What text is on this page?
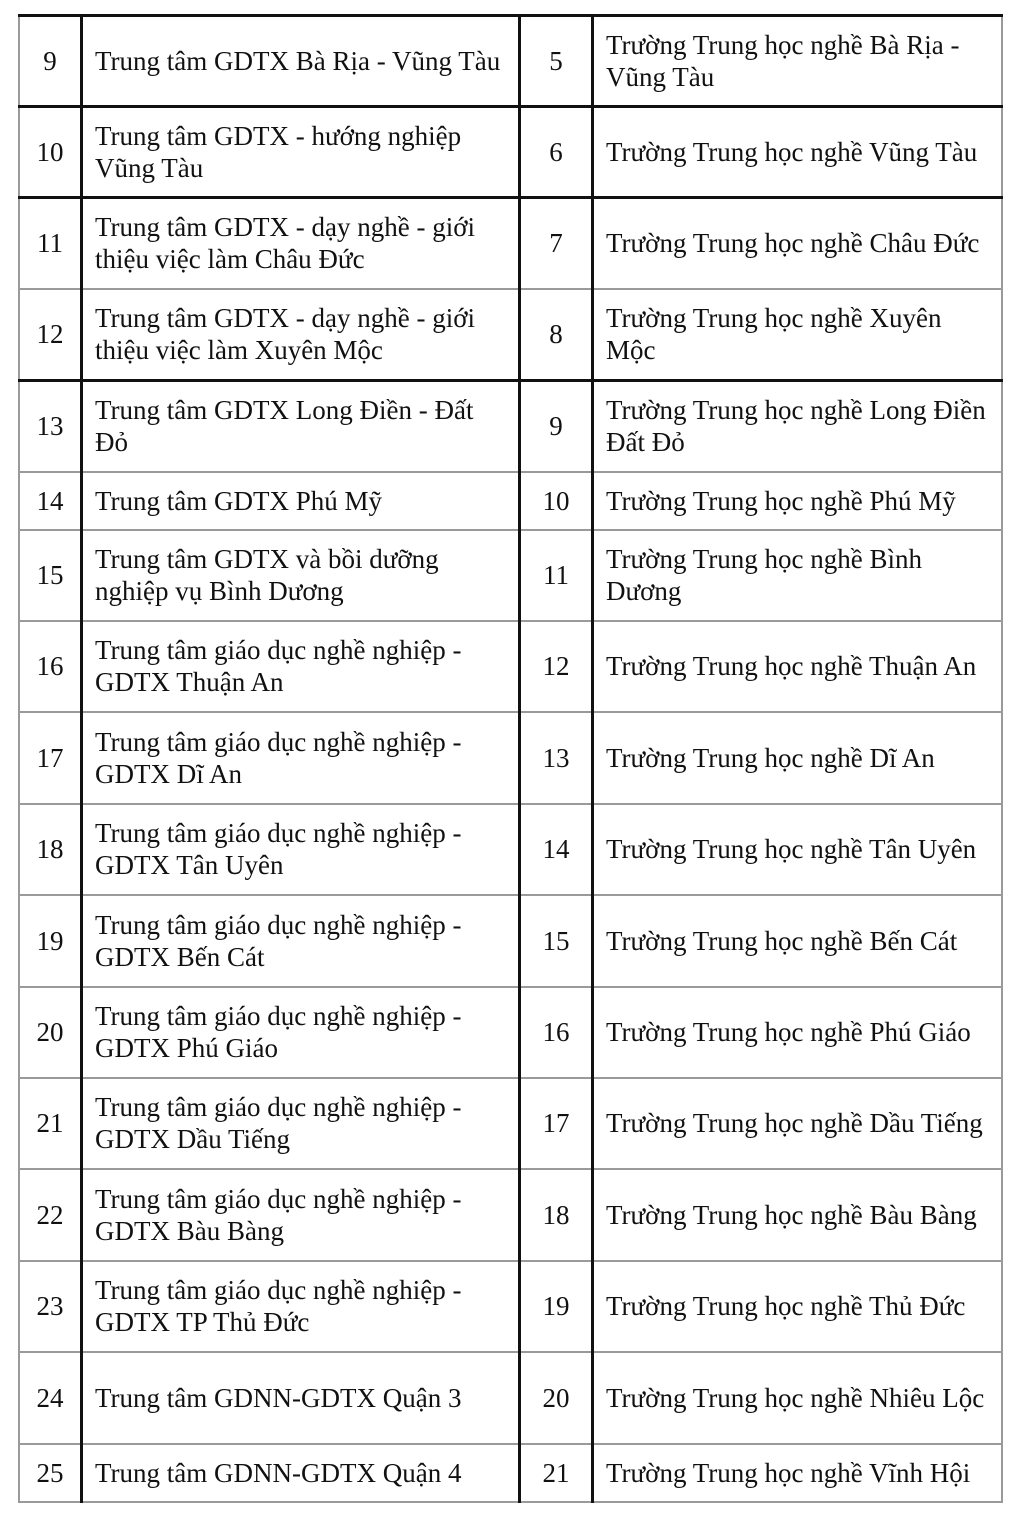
9	Trung tâm GDTX Bà Rịa - Vũng Tàu	5	Trường Trung học nghề Bà Rịa - Vũng Tàu
10	Trung tâm GDTX - hướng nghiệp Vũng Tàu	6	Trường Trung học nghề Vũng Tàu
11	Trung tâm GDTX - dạy nghề - giới thiệu việc làm Châu Đức	7	Trường Trung học nghề Châu Đức
12	Trung tâm GDTX - dạy nghề - giới thiệu việc làm Xuyên Mộc	8	Trường Trung học nghề Xuyên Mộc
13	Trung tâm GDTX Long Điền - Đất Đỏ	9	Trường Trung học nghề Long Điền Đất Đỏ
14	Trung tâm GDTX Phú Mỹ	10	Trường Trung học nghề Phú Mỹ
15	Trung tâm GDTX và bồi dưỡng nghiệp vụ Bình Dương	11	Trường Trung học nghề Bình Dương
16	Trung tâm giáo dục nghề nghiệp - GDTX Thuận An	12	Trường Trung học nghề Thuận An
17	Trung tâm giáo dục nghề nghiệp - GDTX Dĩ An	13	Trường Trung học nghề Dĩ An
18	Trung tâm giáo dục nghề nghiệp - GDTX Tân Uyên	14	Trường Trung học nghề Tân Uyên
19	Trung tâm giáo dục nghề nghiệp - GDTX Bến Cát	15	Trường Trung học nghề Bến Cát
20	Trung tâm giáo dục nghề nghiệp - GDTX Phú Giáo	16	Trường Trung học nghề Phú Giáo
21	Trung tâm giáo dục nghề nghiệp - GDTX Dầu Tiếng	17	Trường Trung học nghề Dầu Tiếng
22	Trung tâm giáo dục nghề nghiệp - GDTX Bàu Bàng	18	Trường Trung học nghề Bàu Bàng
23	Trung tâm giáo dục nghề nghiệp - GDTX TP Thủ Đức	19	Trường Trung học nghề Thủ Đức
24	Trung tâm GDNN-GDTX Quận 3	20	Trường Trung học nghề Nhiêu Lộc
25	Trung tâm GDNN-GDTX Quận 4	21	Trường Trung học nghề Vĩnh Hội
